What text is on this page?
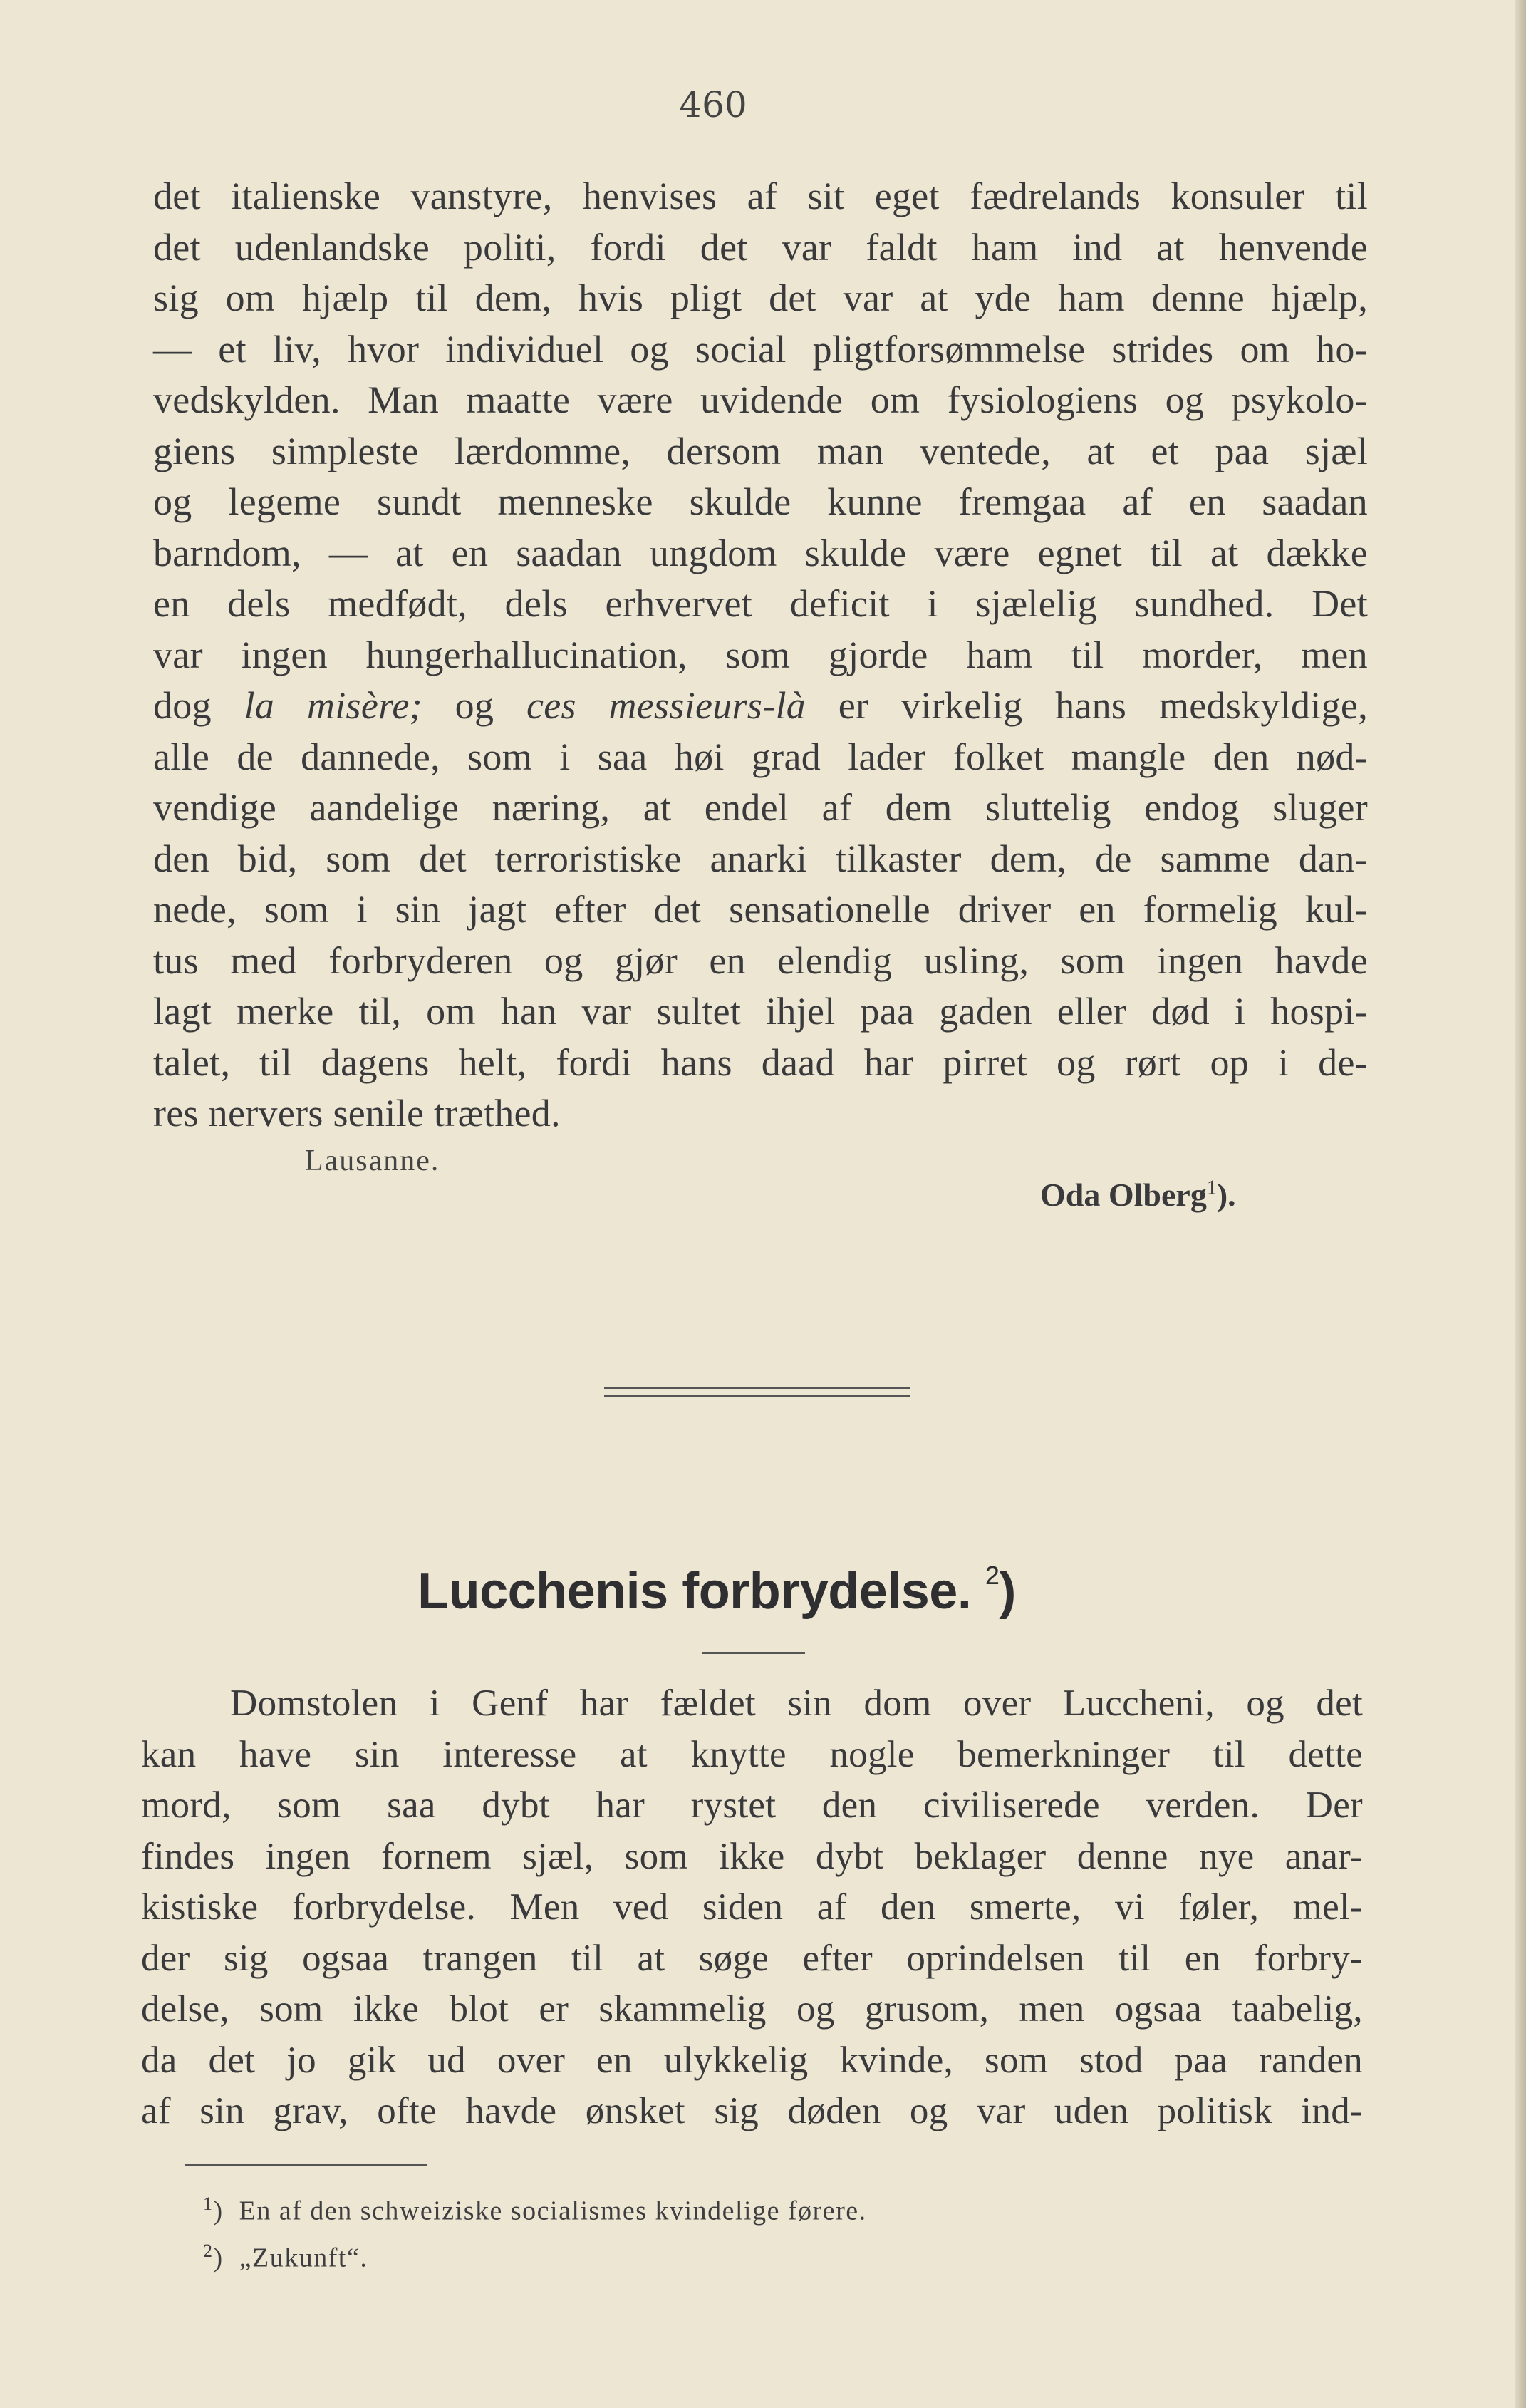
460
det italienske vanstyre, henvises af sit eget fædrelands konsuler til
det udenlandske politi, fordi det var faldt ham ind at henvende
sig om hjælp til dem, hvis pligt det var at yde ham denne hjælp,
— et liv, hvor individuel og social pligtforsømmelse strides om ho-
vedskylden. Man maatte være uvidende om fysiologiens og psykolo-
giens simpleste lærdomme, dersom man ventede, at et paa sjæl
og legeme sundt menneske skulde kunne fremgaa af en saadan
barndom, — at en saadan ungdom skulde være egnet til at dække
en dels medfødt, dels erhvervet deficit i sjælelig sundhed. Det
var ingen hungerhallucination, som gjorde ham til morder, men
dog la misère; og ces messieurs-là er virkelig hans medskyldige,
alle de dannede, som i saa høi grad lader folket mangle den nød-
vendige aandelige næring, at endel af dem sluttelig endog sluger
den bid, som det terroristiske anarki tilkaster dem, de samme dan-
nede, som i sin jagt efter det sensationelle driver en formelig kul-
tus med forbryderen og gjør en elendig usling, som ingen havde
lagt merke til, om han var sultet ihjel paa gaden eller død i hospi-
talet, til dagens helt, fordi hans daad har pirret og rørt op i de-
res nervers senile træthed.
Lausanne.
Oda Olberg$^1$).
Lucchenis forbrydelse. $^2$)
Domstolen i Genf har fældet sin dom over Luccheni, og det
kan have sin interesse at knytte nogle bemerkninger til dette
mord, som saa dybt har rystet den civiliserede verden. Der
findes ingen fornem sjæl, som ikke dybt beklager denne nye anar-
kistiske forbrydelse. Men ved siden af den smerte, vi føler, mel-
der sig ogsaa trangen til at søge efter oprindelsen til en forbry-
delse, som ikke blot er skammelig og grusom, men ogsaa taabelig,
da det jo gik ud over en ulykkelig kvinde, som stod paa randen
af sin grav, ofte havde ønsket sig døden og var uden politisk ind-
$^1$)  En af den schweiziske socialismes kvindelige førere.
$^2$)  „Zukunft“.
